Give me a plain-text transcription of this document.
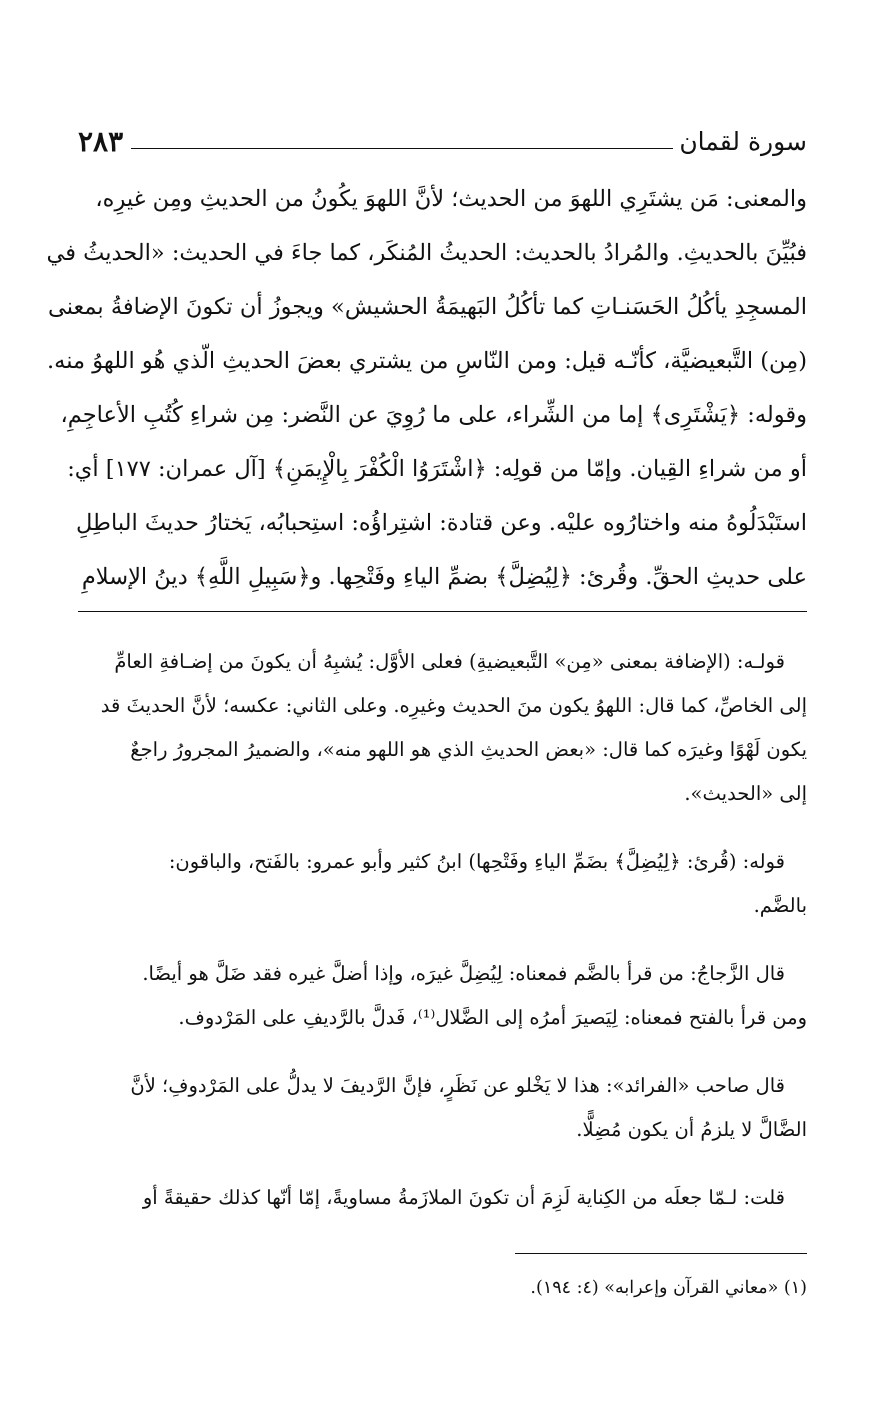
سورة لقمان
٢٨٣
والمعنى: مَن يشتَرِي اللهوَ من الحديث؛ لأنَّ اللهوَ يكُونُ من الحديثِ ومِن غيرِه،
فبُيِّنَ بالحديثِ. والمُرادُ بالحديث: الحديثُ المُنكَر، كما جاءَ في الحديث: «الحديثُ في
المسجِدِ يأكُلُ الحَسَنـاتِ كما تأكُلُ البَهيمَةُ الحشيش» ويجوزُ أن تكونَ الإضافةُ بمعنى
(مِن) التَّبعيضيَّة، كأنّـه قيل: ومن النّاسِ من يشتري بعضَ الحديثِ الّذي هُو اللهوُ منه.
وقوله: ﴿يَشْتَرِى﴾ إما من الشِّراء، على ما رُوِيَ عن النَّضر: مِن شراءِ كُتُبِ الأعاجِمِ،
أو من شراءِ القِيان. وإمّا من قولِه: ﴿اشْتَرَوُا الْكُفْرَ بِالْإِيمَنِ﴾ [آل عمران: ١٧٧] أي:
استَبْدَلُوهُ منه واختارُوه عليْه. وعن قتادة: اشتِراؤُه: استِحبابُه، يَختارُ حديثَ الباطِلِ
على حديثِ الحقِّ. وقُرئ: ﴿لِيُضِلَّ﴾ بضمِّ الياءِ وفَتْحِها. و﴿سَبِيلِ اللَّهِ﴾ دينُ الإسلامِ
قولـه: (الإضافة بمعنى «مِن» التَّبعيضيةِ) فعلى الأوَّل: يُشبِهُ أن يكونَ من إضـافةِ العامِّ
إلى الخاصِّ، كما قال: اللهوُ يكون منَ الحديث وغيرِه. وعلى الثاني: عكسه؛ لأنَّ الحديثَ قد
يكون لَهْوًا وغيرَه كما قال: «بعض الحديثِ الذي هو اللهو منه»، والضميرُ المجرورُ راجعٌ
إلى «الحديث».
قوله: (قُرئ: ﴿لِيُضِلَّ﴾ بضَمِّ الياءِ وفَتْحِها) ابنُ كثير وأبو عمرو: بالفَتح، والباقون:
بالضَّم.
قال الزَّجاجُ: من قرأ بالضَّم فمعناه: لِيُضِلَّ غيرَه، وإذا أضلَّ غيره فقد ضَلَّ هو أيضًا.
ومن قرأ بالفتح فمعناه: لِيَصيرَ أمرُه إلى الضَّلال⁽¹⁾، فَدلَّ بالرَّديفِ على المَرْدوف.
قال صاحب «الفرائد»: هذا لا يَخْلو عن نَظَرٍ، فإنَّ الرَّديفَ لا يدلُّ على المَرْدوفِ؛ لأنَّ
الضَّالَّ لا يلزمُ أن يكون مُضِلًّا.
قلت: لـمّا جعلَه من الكِناية لَزِمَ أن تكونَ الملازَمةُ مساويةً، إمّا أنّها كذلك حقيقةً أو
(١) «معاني القرآن وإعرابه» (٤: ١٩٤).
